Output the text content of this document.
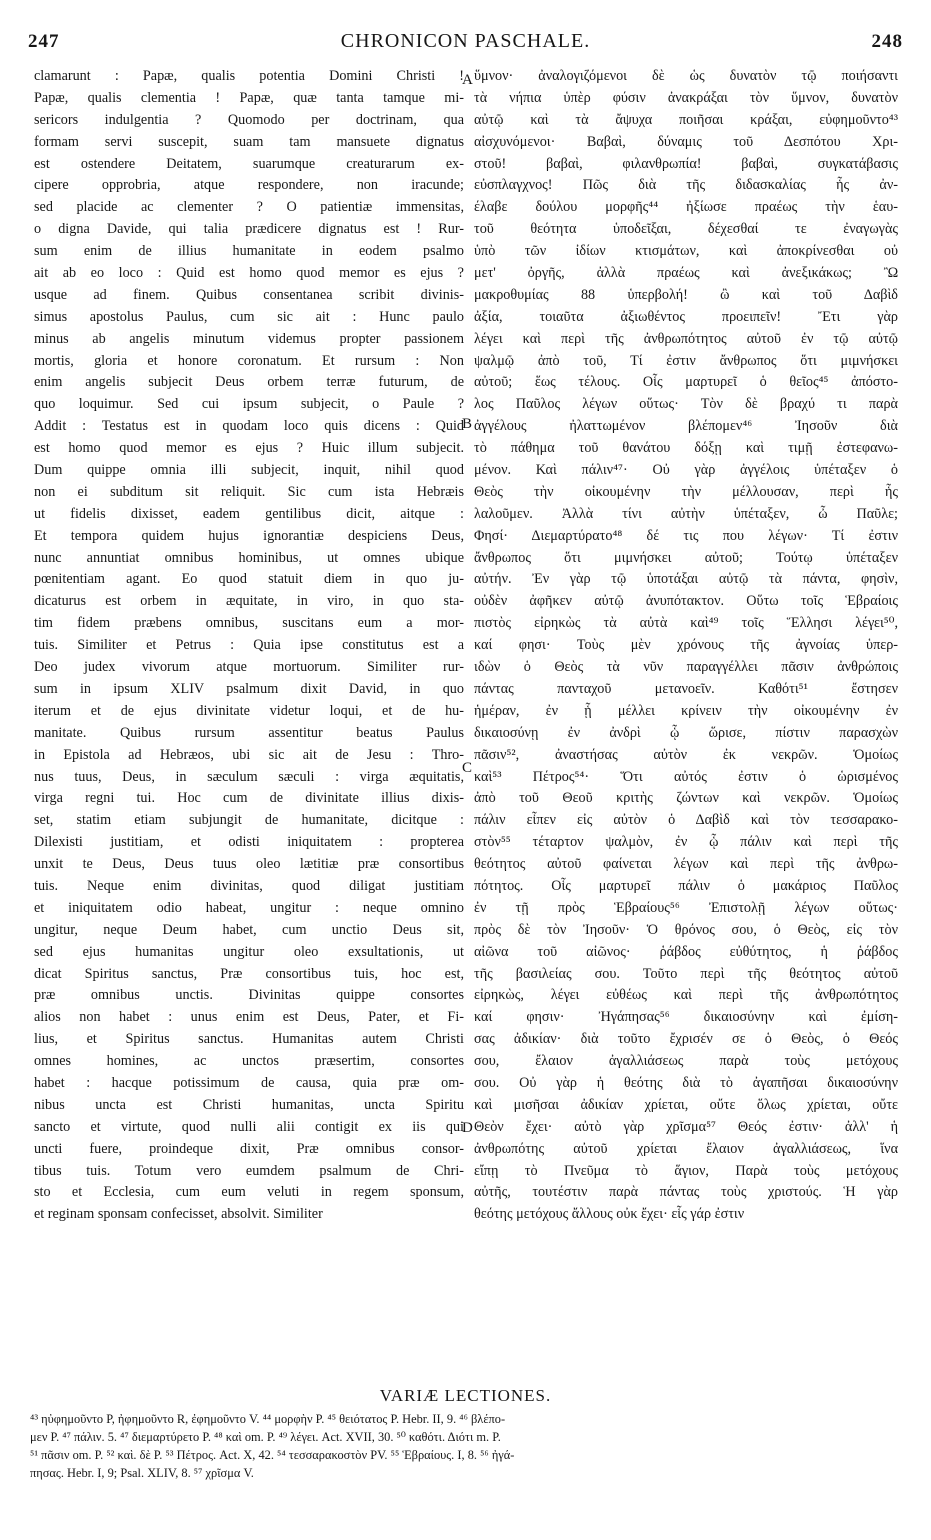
247	CHRONICON PASCHALE.	248
clamarunt : Papæ, qualis potentia Domini Christi !
Papæ, qualis clementia ! Papæ, quæ tanta tamque mi-
sericors indulgentia ? Quomodo per doctrinam, qua
formam servi suscepit, suam tam mansuete dignatus
est ostendere Deitatem, suarumque creaturarum ex-
cipere opprobria, atque respondere, non iracunde;
sed placide ac clementer ? O patientiæ immensitas,
o digna Davide, qui talia prædicere dignatus est ! Rur-
sum enim de illius humanitate in eodem psalmo
ait ab eo loco : Quid est homo quod memor es ejus ?
usque ad finem. Quibus consentanea scribit divinis-
simus apostolus Paulus, cum sic ait : Hunc paulo
minus ab angelis minutum videmus propter passionem
mortis, gloria et honore coronatum. Et rursum : Non
enim angelis subjecit Deus orbem terræ futurum, de
quo loquimur. Sed cui ipsum subjecit, o Paule ?
Addit : Testatus est in quodam loco quis dicens : Quid
est homo quod memor es ejus ? Huic illum subjecit.
Dum quippe omnia illi subjecit, inquit, nihil quod
non ei subditum sit reliquit. Sic cum ista Hebræis
ut fidelis dixisset, eadem gentilibus dicit, aitque :
Et tempora quidem hujus ignorantiæ despiciens Deus,
nunc annuntiat omnibus hominibus, ut omnes ubique
pœnitentiam agant. Eo quod statuit diem in quo ju-
dicaturus est orbem in æquitate, in viro, in quo sta-
tim fidem præbens omnibus, suscitans eum a mor-
tuis. Similiter et Petrus : Quia ipse constitutus est a
Deo judex vivorum atque mortuorum. Similiter rur-
sum in ipsum XLIV psalmum dixit David, in quo
iterum et de ejus divinitate videtur loqui, et de hu-
manitate. Quibus rursum assentitur beatus Paulus
in Epistola ad Hebræos, ubi sic ait de Jesu : Thro-
nus tuus, Deus, in sæculum sæculi : virga æquitatis,
virga regni tui. Hoc cum de divinitate illius dixis-
set, statim etiam subjungit de humanitate, dicitque :
Dilexisti justitiam, et odisti iniquitatem : propterea
unxit te Deus, Deus tuus oleo lætitiæ præ consortibus
tuis. Neque enim divinitas, quod diligat justitiam
et iniquitatem odio habeat, ungitur : neque omnino
ungitur, neque Deum habet, cum unctio Deus sit,
sed ejus humanitas ungitur oleo exsultationis, ut
dicat Spiritus sanctus, Præ consortibus tuis, hoc est,
præ omnibus unctis. Divinitas quippe consortes
alios non habet : unus enim est Deus, Pater, et Fi-
lius, et Spiritus sanctus. Humanitas autem Christi
omnes homines, ac unctos præsertim, consortes
habet : hacque potissimum de causa, quia præ om-
nibus uncta est Christi humanitas, uncta Spiritu
sancto et virtute, quod nulli alii contigit ex iis qui
uncti fuere, proindeque dixit, Præ omnibus consor-
tibus tuis. Totum vero eumdem psalmum de Chri-
sto et Ecclesia, cum eum veluti in regem sponsum,
et reginam sponsam confecisset, absolvit. Similiter
ὕμνον· ἀναλογιζόμενοι δὲ ὡς δυνατὸν τῷ ποιήσαντι
τὰ νήπια ὑπὲρ φύσιν ἀνακράξαι τὸν ὕμνον, δυνατὸν
αὐτῷ καὶ τὰ ἄψυχα ποιῆσαι κράξαι, εὐφημοῦντο⁴³
αἰσχυνόμενοι· Βαβαὶ, δύναμις τοῦ Δεσπότου Χρι-
στοῦ! βαβαὶ, φιλανθρωπία! βαβαὶ, συγκατάβασις
εὐσπλαγχνος! Πῶς διὰ τῆς διδασκαλίας ἧς ἀν-
έλαβε δούλου μορφῆς⁴⁴ ἠξίωσε πραέως τὴν ἑαυ-
τοῦ θεότητα ὑποδεῖξαι, δέχεσθαί τε ἐναγωγὰς
ὑπὸ τῶν ἰδίων κτισμάτων, καὶ ἀποκρίνεσθαι οὐ
μετ' ὀργῆς, ἀλλὰ πραέως καὶ ἀνεξικάκως; Ὢ
μακροθυμίας 88 ὑπερβολή! ὢ καὶ τοῦ Δαβὶδ
ἀξία, τοιαῦτα ἀξιωθέντος προειπεῖν! Ἔτι γὰρ
λέγει καὶ περὶ τῆς ἀνθρωπότητος αὐτοῦ ἐν τῷ αὐτῷ
ψαλμῷ ἀπὸ τοῦ, Τί ἐστιν ἄνθρωπος ὅτι μιμνήσκει
αὐτοῦ; ἕως τέλους. Οἷς μαρτυρεῖ ὁ θεῖος⁴⁵ ἀπόστο-
λος Παῦλος λέγων οὕτως· Τὸν δὲ βραχύ τι παρὰ
ἀγγέλους ἠλαττωμένον βλέπομεν⁴⁶ Ἰησοῦν διὰ
τὸ πάθημα τοῦ θανάτου δόξῃ καὶ τιμῇ ἐστεφανω-
μένον. Καὶ πάλιν⁴⁷· Οὐ γὰρ ἀγγέλοις ὑπέταξεν ὁ
Θεὸς τὴν οἰκουμένην τὴν μέλλουσαν, περὶ ἧς
λαλοῦμεν. Ἀλλὰ τίνι αὐτὴν ὑπέταξεν, ὦ Παῦλε;
Φησί· Διεμαρτύρατο⁴⁸ δέ τις που λέγων· Τί ἐστιν
ἄνθρωπος ὅτι μιμνήσκει αὐτοῦ; Τούτῳ ὑπέταξεν
αὐτήν. Ἐν γὰρ τῷ ὑποτάξαι αὐτῷ τὰ πάντα, φησὶν,
οὐδὲν ἀφῆκεν αὐτῷ ἀνυπότακτον. Οὕτω τοῖς Ἑβραίοις
πιστὸς εἰρηκὼς τὰ αὐτὰ καὶ⁴⁹ τοῖς Ἕλλησι λέγει⁵⁰,
καί φησι· Τοὺς μὲν χρόνους τῆς ἀγνοίας ὑπερ-
ιδὼν ὁ Θεὸς τὰ νῦν παραγγέλλει πᾶσιν ἀνθρώποις
πάντας πανταχοῦ μετανοεῖν. Καθότι⁵¹ ἔστησεν
ἡμέραν, ἐν ᾗ μέλλει κρίνειν τὴν οἰκουμένην ἐν
δικαιοσύνῃ ἐν ἀνδρὶ ᾧ ὥρισε, πίστιν παρασχὼν
πᾶσιν⁵², ἀναστήσας αὐτὸν ἐκ νεκρῶν. Ὁμοίως
καὶ⁵³ Πέτρος⁵⁴· Ὅτι αὐτός ἐστιν ὁ ὡρισμένος
ἀπὸ τοῦ Θεοῦ κριτὴς ζώντων καὶ νεκρῶν. Ὁμοίως
πάλιν εἶπεν εἰς αὐτὸν ὁ Δαβὶδ καὶ τὸν τεσσαρακο-
στὸν⁵⁵ τέταρτον ψαλμὸν, ἐν ᾧ πάλιν καὶ περὶ τῆς
θεότητος αὐτοῦ φαίνεται λέγων καὶ περὶ τῆς ἀνθρω-
πότητος. Οἷς μαρτυρεῖ πάλιν ὁ μακάριος Παῦλος
ἐν τῇ πρὸς Ἑβραίους⁵⁶ Ἐπιστολῇ λέγων οὕτως·
πρὸς δὲ τὸν Ἰησοῦν· Ὁ θρόνος σου, ὁ Θεὸς, εἰς τὸν
αἰῶνα τοῦ αἰῶνος· ῥάβδος εὐθύτητος, ἡ ῥάβδος
τῆς βασιλείας σου. Τοῦτο περὶ τῆς θεότητος αὐτοῦ
εἰρηκὼς, λέγει εὐθέως καὶ περὶ τῆς ἀνθρωπότητος
καί φησιν· Ἠγάπησας⁵⁶ δικαιοσύνην καὶ ἐμίση-
σας ἀδικίαν· διὰ τοῦτο ἔχρισέν σε ὁ Θεὸς, ὁ Θεός
σου, ἔλαιον ἀγαλλιάσεως παρὰ τοὺς μετόχους
σου. Οὐ γὰρ ἡ θεότης διὰ τὸ ἀγαπῆσαι δικαιοσύνην
καὶ μισῆσαι ἀδικίαν χρίεται, οὔτε ὅλως χρίεται, οὔτε
Θεὸν ἔχει· αὐτὸ γὰρ χρῖσμα⁵⁷ Θεός ἐστιν· ἀλλ' ἡ
ἀνθρωπότης αὐτοῦ χρίεται ἔλαιον ἀγαλλιάσεως, ἵνα
εἴπῃ τὸ Πνεῦμα τὸ ἅγιον, Παρὰ τοὺς μετόχους
αὐτῆς, τουτέστιν παρὰ πάντας τοὺς χριστούς. Ἡ γὰρ
θεότης μετόχους ἄλλους οὐκ ἔχει· εἷς γάρ ἐστιν
A
B
C
D
VARIÆ LECTIONES.
⁴³ ηὐφημοῦντο P, ἠφημοῦντο R, ἐφημοῦντο V. ⁴⁴ μορφὴν P. ⁴⁵ θειότατος P. Hebr. II, 9. ⁴⁶ βλέπο-
μεν P. ⁴⁷ πάλιν. 5. ⁴⁷ διεμαρτύρετο P. ⁴⁸ καὶ om. P. ⁴⁹ λέγει. Act. XVII, 30. ⁵⁰ καθότι. Διότι m. P.
⁵¹ πᾶσιν om. P. ⁵² καὶ. δὲ P. ⁵³ Πέτρος. Act. X, 42. ⁵⁴ τεσσαρακοστὸν PV. ⁵⁵ Ἑβραίους. I, 8. ⁵⁶ ἠγά-
πησας. Hebr. I, 9; Psal. XLIV, 8. ⁵⁷ χρῖσμα V.
